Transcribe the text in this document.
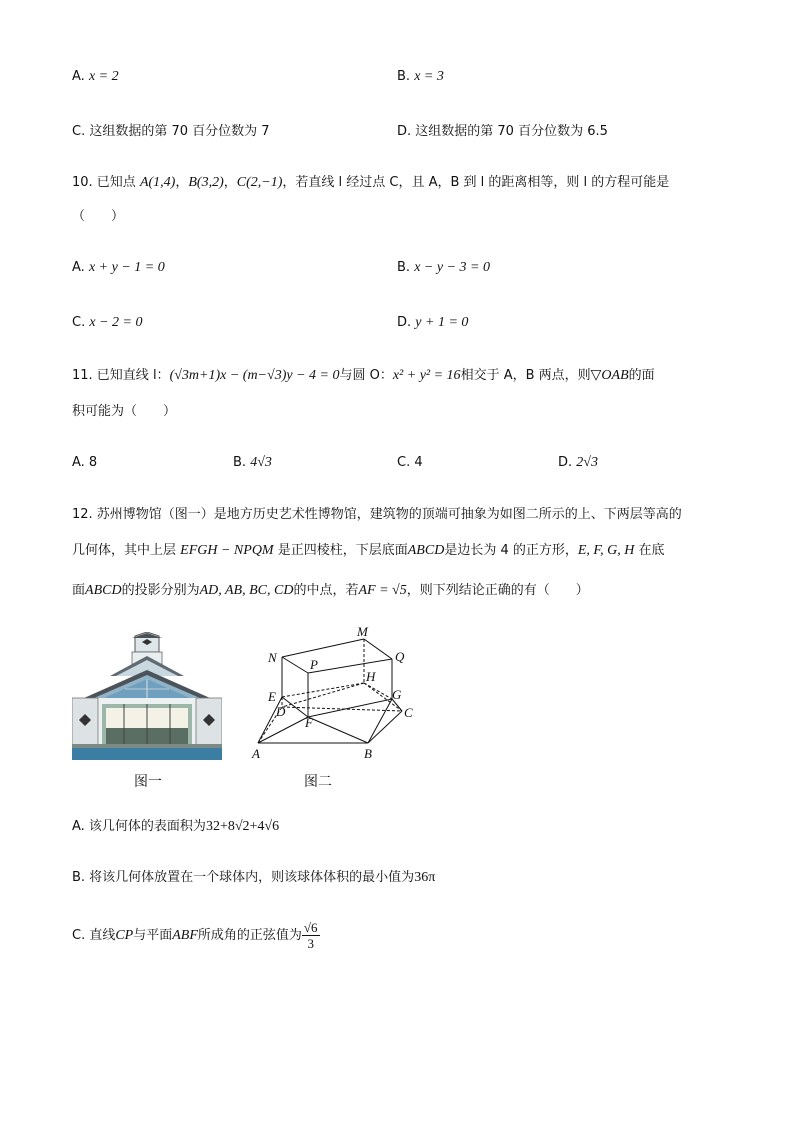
A. x = 2	B. x = 3
C. 这组数据的第 70 百分位数为 7	D. 这组数据的第 70 百分位数为 6.5
10. 已知点 A(1,4)，B(3,2)，C(2,−1)，若直线 l 经过点 C，且 A，B 到 l 的距离相等，则 l 的方程可能是
（　　）
A. x + y − 1 = 0	B. x − y − 3 = 0
C. x − 2 = 0	D. y + 1 = 0
11. 已知直线 l：(√3m+1)x − (m−√3)y − 4 = 0与圆 O：x² + y² = 16相交于 A，B 两点，则▽OAB的面
积可能为（　　）
A. 8	B. 4√3	C. 4	D. 2√3
12. 苏州博物馆（图一）是地方历史艺术性博物馆，建筑物的顶端可抽象为如图二所示的上、下两层等高的
几何体，其中上层 EFGH − NPQM 是正四棱柱，下层底面ABCD是边长为 4 的正方形，E, F, G, H 在底
面ABCD的投影分别为AD, AB, BC, CD的中点，若AF = √5，则下列结论正确的有（　　）
图一
M
N	P
Q
H
E	G
D
F
C
A	B
图二
A. 该几何体的表面积为32+8√2+4√6
B. 将该几何体放置在一个球体内，则该球体体积的最小值为36π
C. 直线CP与平面ABF所成角的正弦值为 $\frac{√6}{3}$
